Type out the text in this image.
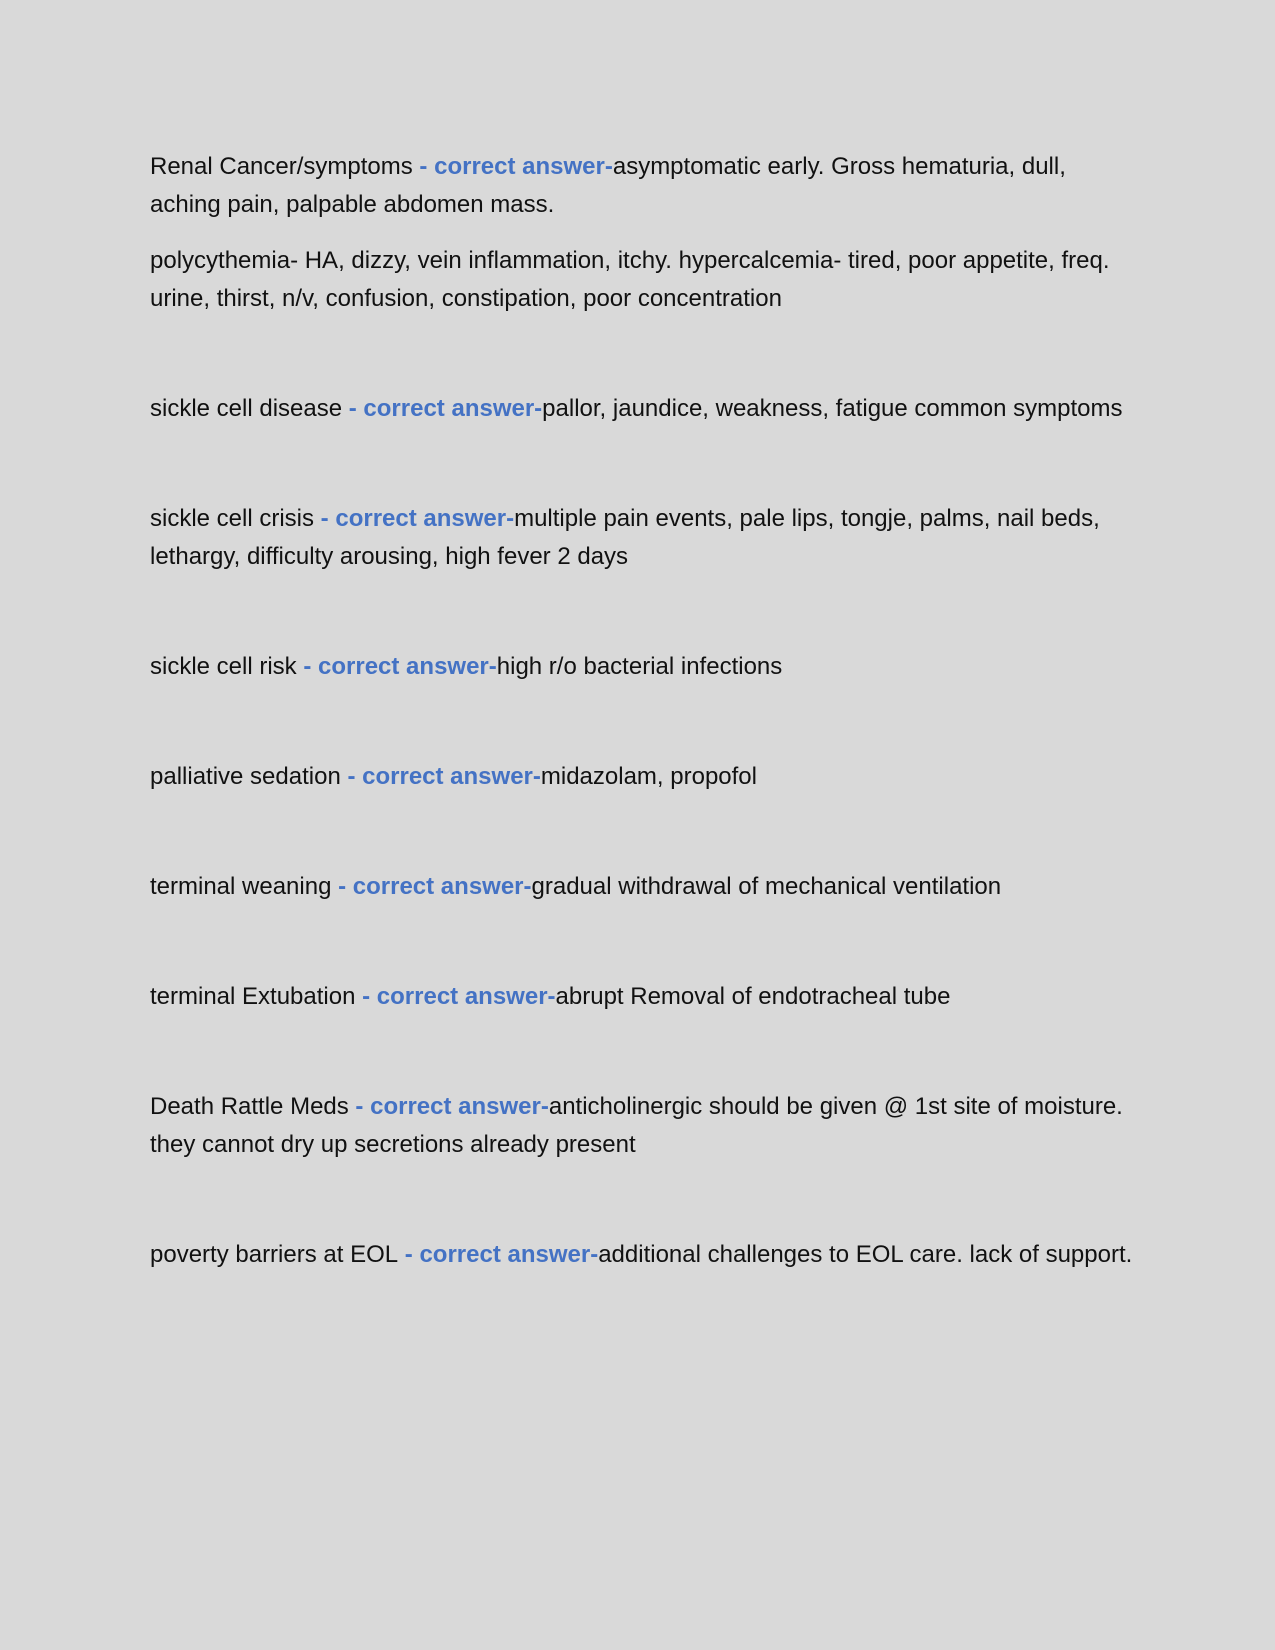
Renal Cancer/symptoms - correct answer-asymptomatic early. Gross hematuria, dull, aching pain, palpable abdomen mass.
polycythemia- HA, dizzy, vein inflammation, itchy. hypercalcemia- tired, poor appetite, freq. urine, thirst, n/v, confusion, constipation, poor concentration
sickle cell disease - correct answer-pallor, jaundice, weakness, fatigue common symptoms
sickle cell crisis - correct answer-multiple pain events, pale lips, tongje, palms, nail beds, lethargy, difficulty arousing, high fever 2 days
sickle cell risk - correct answer-high r/o bacterial infections
palliative sedation - correct answer-midazolam, propofol
terminal weaning - correct answer-gradual withdrawal of mechanical ventilation
terminal Extubation - correct answer-abrupt Removal of endotracheal tube
Death Rattle Meds - correct answer-anticholinergic should be given @ 1st site of moisture. they cannot dry up secretions already present
poverty barriers at EOL - correct answer-additional challenges to EOL care. lack of support.
